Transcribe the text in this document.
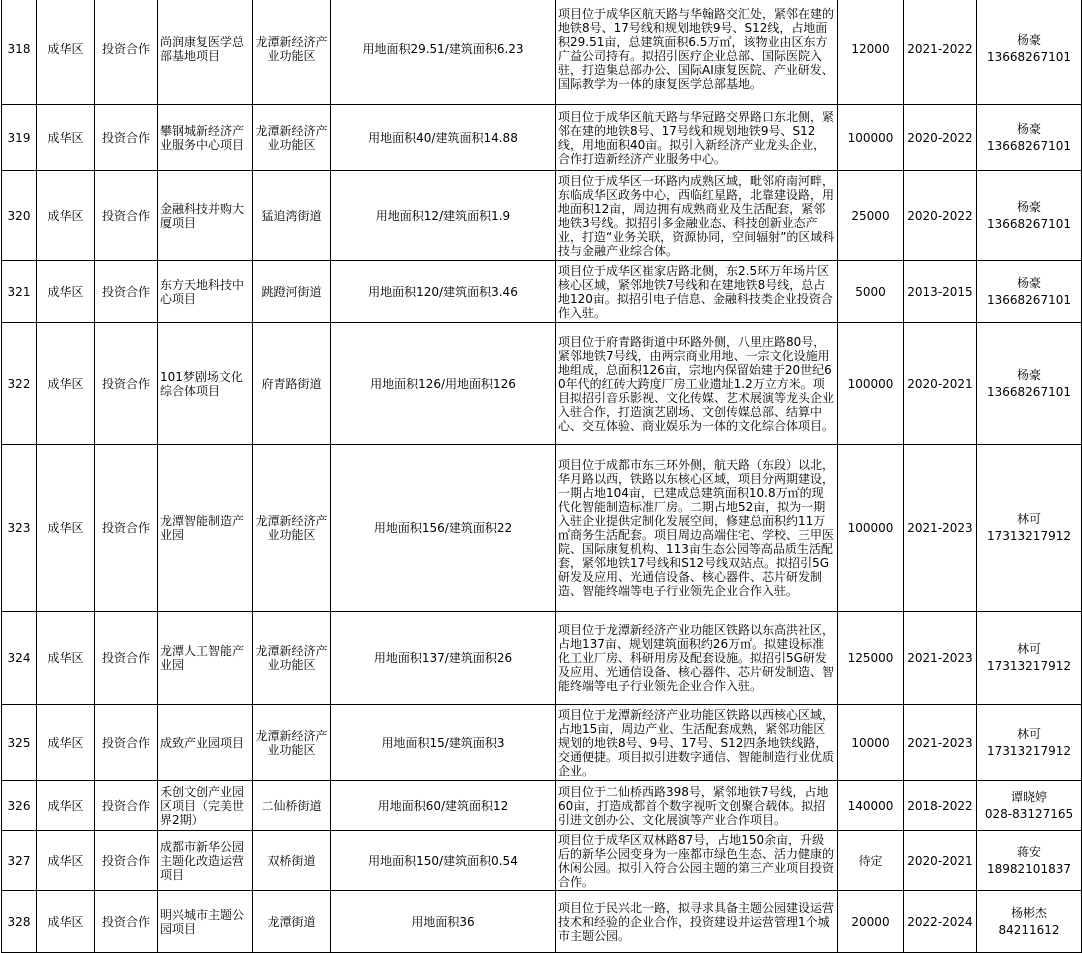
318	成华区	投资合作	尚润康复医学总部基地项目	龙潭新经济产业功能区	用地面积29.51/建筑面积6.23	项目位于成华区航天路与华翰路交汇处，紧邻在建的地铁8号、17号线和规划地铁9号、S12线，占地面积29.51亩，总建筑面积6.5万㎡，该物业由区东方广益公司持有。拟招引医疗企业总部、国际医院入驻，打造集总部办公、国际AI康复医院、产业研发、国际教学为一体的康复医学总部基地。	12000	2021-2022	杨豪
13668267101

319	成华区	投资合作	攀钢城新经济产业服务中心项目	龙潭新经济产业功能区	用地面积40/建筑面积14.88	项目位于成华区航天路与华冠路交界路口东北侧，紧邻在建的地铁8号、17号线和规划地铁9号、S12线，用地面积40亩。拟引入新经济产业龙头企业，合作打造新经济产业服务中心。	100000	2020-2022	杨豪
13668267101

320	成华区	投资合作	金融科技并购大厦项目	猛追湾街道	用地面积12/建筑面积1.9	项目位于成华区一环路内成熟区域，毗邻府南河畔，东临成华区政务中心，西临红星路，北靠建设路，用地面积12亩，周边拥有成熟商业及生活配套，紧邻地铁3号线。拟招引多金融业态、科技创新业态产业，打造“业务关联，资源协同，空间辐射”的区域科技与金融产业综合体。	25000	2020-2022	杨豪
13668267101

321	成华区	投资合作	东方天地科技中心项目	跳蹬河街道	用地面积120/建筑面积3.46	项目位于成华区崔家店路北侧，东2.5环万年场片区核心区域，紧邻地铁7号线和在建地铁8号线，总占地120亩。拟招引电子信息、金融科技类企业投资合作入驻。	5000	2013-2015	杨豪
13668267101

322	成华区	投资合作	101梦剧场文化综合体项目	府青路街道	用地面积126/用地面积126	项目位于府青路街道中环路外侧，八里庄路80号，紧邻地铁7号线，由两宗商业用地、一宗文化设施用地组成，总面积126亩，宗地内保留始建于20世纪60年代的红砖大跨度厂房工业遗址1.2万立方米。项目拟招引音乐影视、文化传媒、艺术展演等龙头企业入驻合作，打造演艺剧场、文创传媒总部、结算中心、交互体验、商业娱乐为一体的文化综合体项目。	100000	2020-2021	杨豪
13668267101

323	成华区	投资合作	龙潭智能制造产业园	龙潭新经济产业功能区	用地面积156/建筑面积22	项目位于成都市东三环外侧，航天路（东段）以北，华月路以西，铁路以东核心区域，项目分两期建设，一期占地104亩，已建成总建筑面积10.8万㎡的现代化智能制造标准厂房。二期占地52亩，拟为一期入驻企业提供定制化发展空间，修建总面积约11万㎡商务生活配套。项目周边高端住宅、学校、三甲医院、国际康复机构、113亩生态公园等高品质生活配套，紧邻地铁17号线和S12号线双站点。拟招引5G研发及应用、光通信设备、核心器件、芯片研发制造、智能终端等电子行业领先企业合作入驻。	100000	2021-2023	林可
17313217912

324	成华区	投资合作	龙潭人工智能产业园	龙潭新经济产业功能区	用地面积137/建筑面积26	项目位于龙潭新经济产业功能区铁路以东高洪社区，占地137亩、规划建筑面积约26万㎡。拟建设标准化工业厂房、科研用房及配套设施。拟招引5G研发及应用、光通信设备、核心器件、芯片研发制造、智能终端等电子行业领先企业合作入驻。	125000	2021-2023	林可
17313217912

325	成华区	投资合作	成致产业园项目	龙潭新经济产业功能区	用地面积15/建筑面积3	项目位于龙潭新经济产业功能区铁路以西核心区域，占地15亩，周边产业、生活配套成熟，紧邻功能区规划的地铁8号、9号、17号、S12四条地铁线路，交通便捷。项目拟引进数字通信、智能制造行业优质企业。	10000	2021-2023	林可
17313217912

326	成华区	投资合作	禾创文创产业园区项目（完美世界2期）	二仙桥街道	用地面积60/建筑面积12	项目位于二仙桥西路398号，紧邻地铁7号线，占地60亩，打造成都首个数字视听文创聚合载体。拟招引进文创办公、文化展演等产业合作项目。	140000	2018-2022	谭晓婷
028-83127165

327	成华区	投资合作	成都市新华公园主题化改造运营项目	双桥街道	用地面积150/建筑面积0.54	项目位于成华区双林路87号，占地150余亩，升级后的新华公园变身为一座都市绿色生态、活力健康的休闲公园。拟引入符合公园主题的第三产业项目投资合作。	待定	2020-2021	蒋安
18982101837

328	成华区	投资合作	明兴城市主题公园项目	龙潭街道	用地面积36	项目位于民兴北一路，拟寻求具备主题公园建设运营技术和经验的企业合作，投资建设并运营管理1个城市主题公园。	20000	2022-2024	杨彬杰
84211612
